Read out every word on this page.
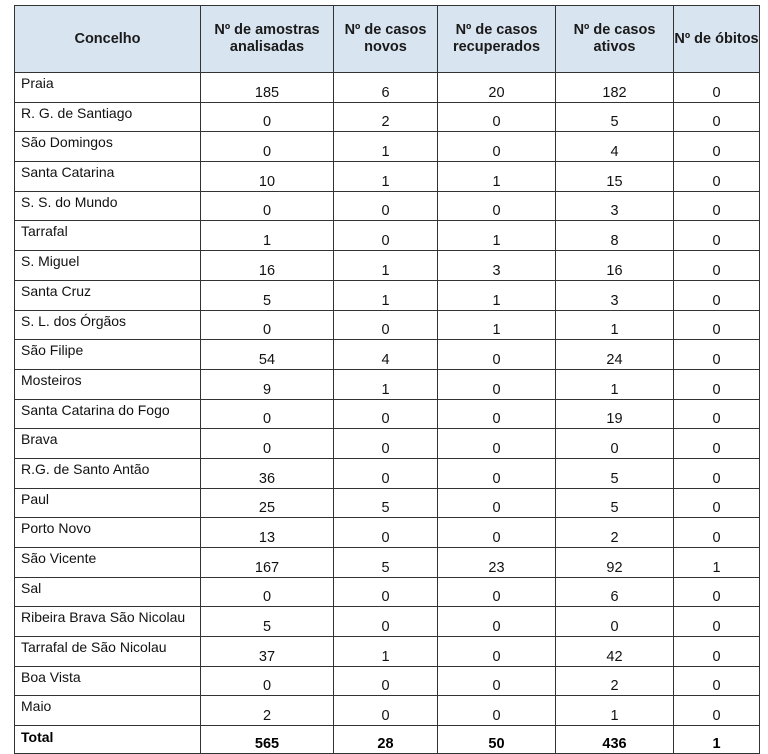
Concelho	Nº de amostras analisadas	Nº de casos novos	Nº de casos recuperados	Nº de casos ativos	Nº de óbitos
Praia	185	6	20	182	0
R. G. de Santiago	0	2	0	5	0
São Domingos	0	1	0	4	0
Santa Catarina	10	1	1	15	0
S. S. do Mundo	0	0	0	3	0
Tarrafal	1	0	1	8	0
S. Miguel	16	1	3	16	0
Santa Cruz	5	1	1	3	0
S. L. dos Órgãos	0	0	1	1	0
São Filipe	54	4	0	24	0
Mosteiros	9	1	0	1	0
Santa Catarina do Fogo	0	0	0	19	0
Brava	0	0	0	0	0
R.G. de Santo Antão	36	0	0	5	0
Paul	25	5	0	5	0
Porto Novo	13	0	0	2	0
São Vicente	167	5	23	92	1
Sal	0	0	0	6	0
Ribeira Brava São Nicolau	5	0	0	0	0
Tarrafal de São Nicolau	37	1	0	42	0
Boa Vista	0	0	0	2	0
Maio	2	0	0	1	0
Total	565	28	50	436	1
